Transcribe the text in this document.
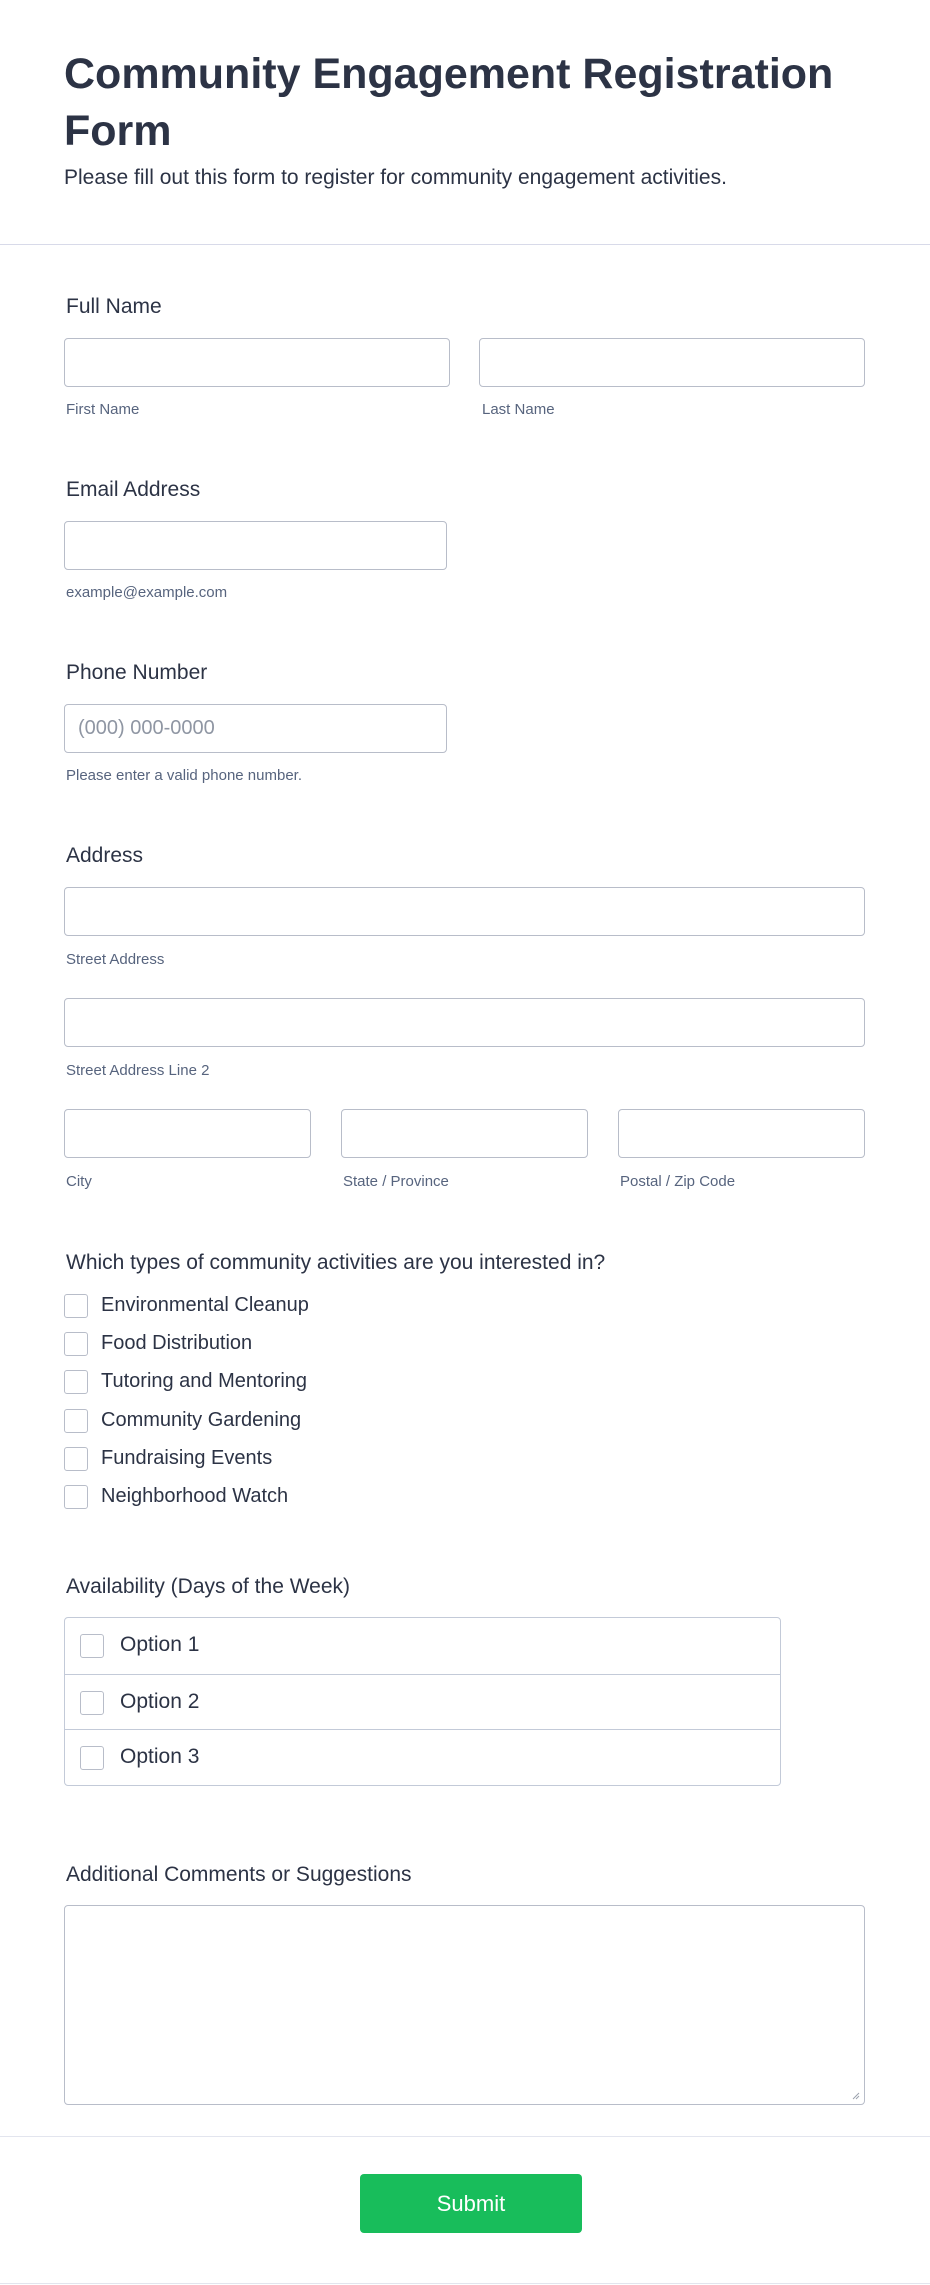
Community Engagement Registration Form
Please fill out this form to register for community engagement activities.
Full Name
First Name	Last Name
Email Address
example@example.com
Phone Number
(000) 000-0000
Please enter a valid phone number.
Address
Street Address
Street Address Line 2
City	State / Province	Postal / Zip Code
Which types of community activities are you interested in?
Environmental Cleanup
Food Distribution
Tutoring and Mentoring
Community Gardening
Fundraising Events
Neighborhood Watch
Availability (Days of the Week)
Option 1
Option 2
Option 3
Additional Comments or Suggestions
Submit
